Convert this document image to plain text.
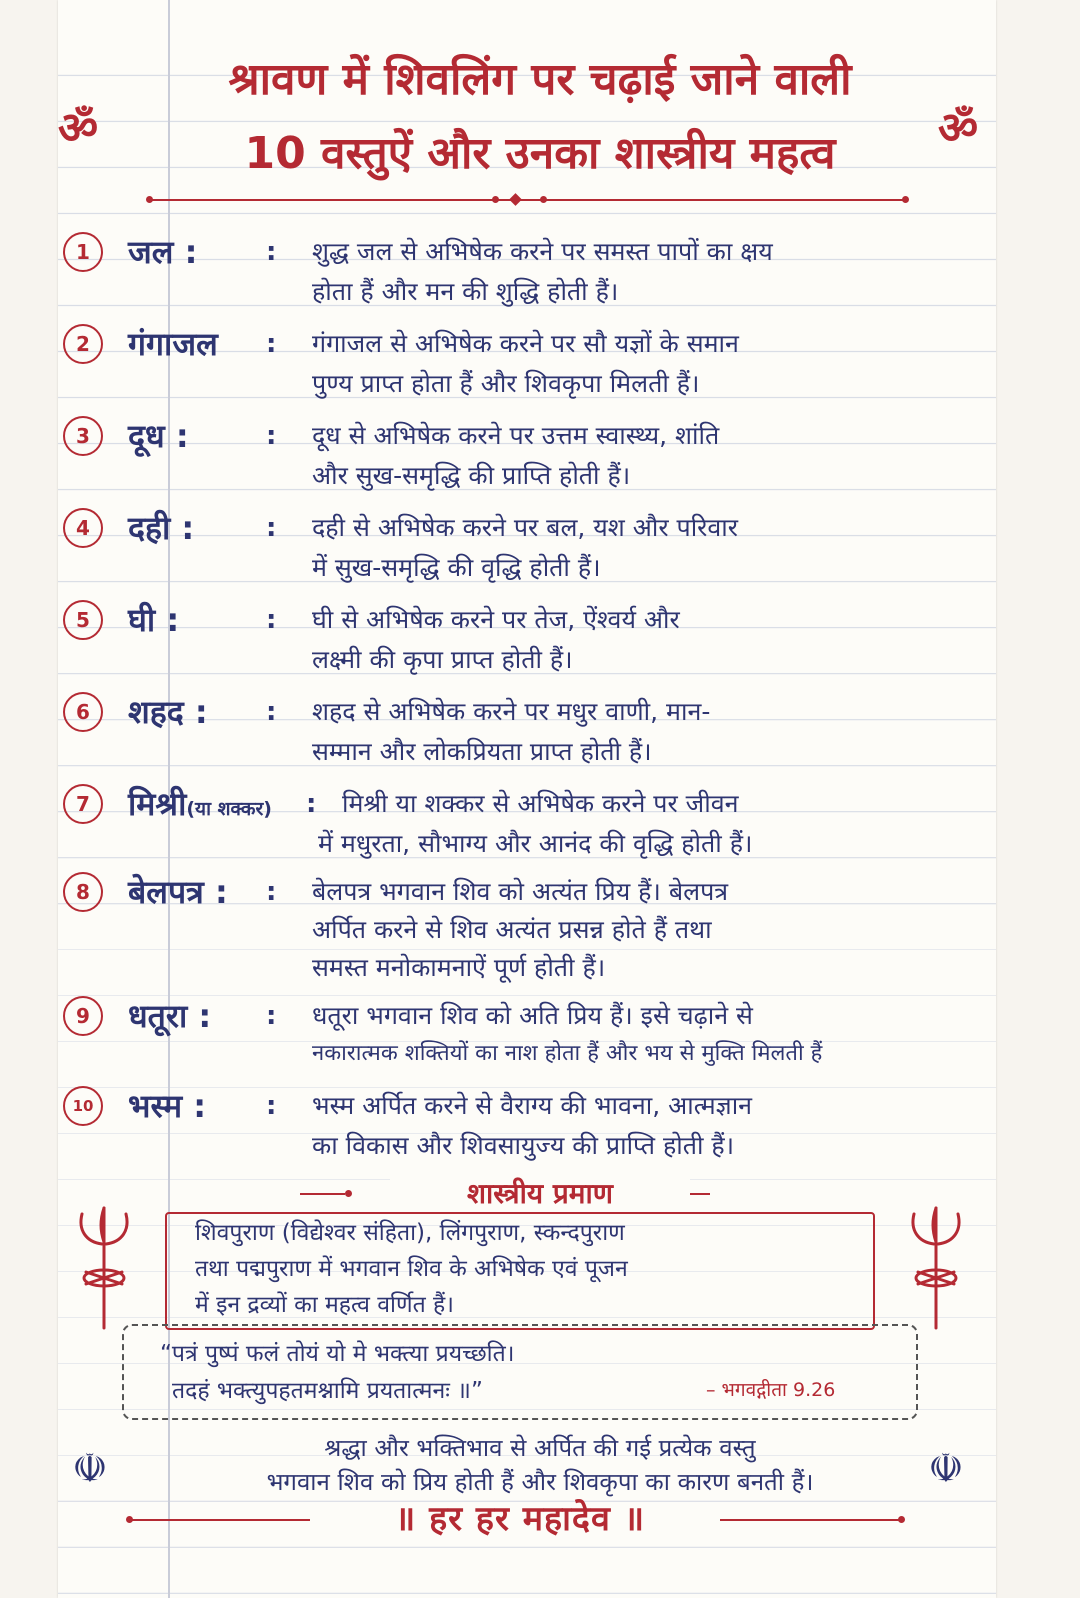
ॐ	ॐ
श्रावण में शिवलिंग पर चढ़ाई जाने वाली
10 वस्तुऐं और उनका शास्त्रीय महत्व
1	जल :	: शुद्ध जल से अभिषेक करने पर समस्त पापों का क्षय
होता हैं और मन की शुद्धि होती हैं।
2	गंगाजल : गंगाजल से अभिषेक करने पर सौ यज्ञों के समान
पुण्य प्राप्त होता हैं और शिवकृपा मिलती हैं।
3	दूध :	: दूध से अभिषेक करने पर उत्तम स्वास्थ्य, शांति
और सुख-समृद्धि की प्राप्ति होती हैं।
4	दही :	: दही से अभिषेक करने पर बल, यश और परिवार
में सुख-समृद्धि की वृद्धि होती हैं।
5	घी :	: घी से अभिषेक करने पर तेज, ऐंश्वर्य और
लक्ष्मी की कृपा प्राप्त होती हैं।
6	शहद : : शहद से अभिषेक करने पर मधुर वाणी, मान-
सम्मान और लोकप्रियता प्राप्त होती हैं।
7	मिश्री(या शक्कर) : मिश्री या शक्कर से अभिषेक करने पर जीवन
में मधुरता, सौभाग्य और आनंद की वृद्धि होती हैं।
8	बेलपत्र : : बेलपत्र भगवान शिव को अत्यंत प्रिय हैं। बेलपत्र
अर्पित करने से शिव अत्यंत प्रसन्न होते हैं तथा
समस्त मनोकामनाऐं पूर्ण होती हैं।
9	धतूरा : : धतूरा भगवान शिव को अति प्रिय हैं। इसे चढ़ाने से
नकारात्मक शक्तियों का नाश होता हैं और भय से मुक्ति मिलती हैं
10 भस्म : : भस्म अर्पित करने से वैराग्य की भावना, आत्मज्ञान
का विकास और शिवसायुज्य की प्राप्ति होती हैं।
शास्त्रीय प्रमाण
शिवपुराण (विद्येश्वर संहिता), लिंगपुराण, स्कन्दपुराण
तथा पद्मपुराण में भगवान शिव के अभिषेक एवं पूजन
में इन द्रव्यों का महत्व वर्णित हैं।
“पत्रं पुष्पं फलं तोयं यो मे भक्त्या प्रयच्छति।
तदहं भक्त्युपहतमश्नामि प्रयतात्मनः ॥”	– भगवद्गीता 9.26
श्रद्धा और भक्तिभाव से अर्पित की गई प्रत्येक वस्तु
भगवान शिव को प्रिय होती हैं और शिवकृपा का कारण बनती हैं।
☫	☫
॥ हर हर महादेव ॥
